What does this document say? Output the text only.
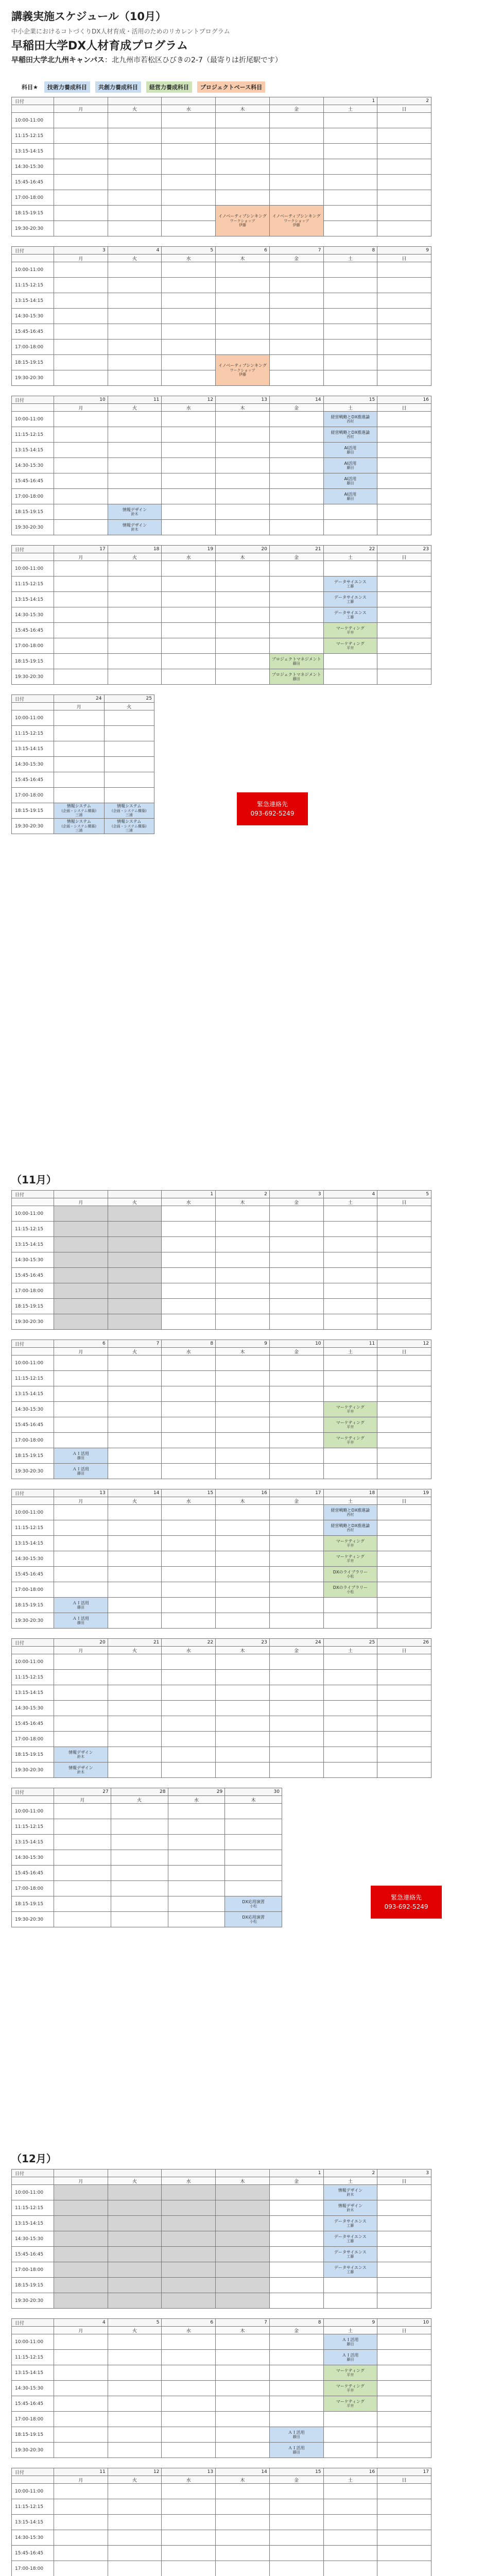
講義実施スケジュール（10月）
中小企業におけるコトづくりDX人材育成・活用のためのリカレントプログラム
早稲田大学DX人材育成プログラム
早稲田大学北九州キャンパス：北九州市若松区ひびきの2-7（最寄りは折尾駅です）
科目★	技術力養成科目	共創力養成科目	経営力養成科目	プロジェクトベース科目
日付						1	2
	月	火	水	木	金	土	日
10:00-11:00							
11:15-12:15							
13:15-14:15							
14:30-15:30							
15:45-16:45							
17:00-18:00							
18:15-19:15				イノベーティブシンキング
ワークショップ
伊藤	イノベーティブシンキング
ワークショップ
伊藤		

19:30-20:30							
日付	3	4	5	6	7	8	9
	月	火	水	木	金	土	日
10:00-11:00							
11:15-12:15							
13:15-14:15							
14:30-15:30							
15:45-16:45							
17:00-18:00							
18:15-19:15				イノベーティブシンキング
ワークショップ
伊藤			

19:30-20:30							
日付	10	11	12	13	14	15	16
	月	火	水	木	金	土	日
10:00-11:00						経営戦略とDX推進論
西村	

11:15-12:15						経営戦略とDX推進論
西村	

13:15-14:15						AI活用
藤田	

14:30-15:30						AI活用
藤田	

15:45-16:45						AI活用
藤田	

17:00-18:00						AI活用
藤田	

18:15-19:15		情報デザイン
鈴木					

19:30-20:30		情報デザイン
鈴木					

日付	17	18	19	20	21	22	23
	月	火	水	木	金	土	日
10:00-11:00							
11:15-12:15						データサイエンス
工藤	

13:15-14:15						データサイエンス
工藤	

14:30-15:30						データサイエンス
工藤	

15:45-16:45						マーケティング
平井	

17:00-18:00						マーケティング
平井	

18:15-19:15					プロジェクトマネジメント
藤田		

19:30-20:30					プロジェクトマネジメント
藤田		

日付	24	25
	月	火
10:00-11:00		
11:15-12:15		
13:15-14:15		
14:30-15:30		
15:45-16:45		
17:00-18:00		
18:15-19:15	情報システム
(企画・システム構築)
三浦	情報システム
(企画・システム構築)
三浦

19:30-20:30	情報システム
(企画・システム構築)
三浦	情報システム
(企画・システム構築)
三浦
緊急連絡先
093-692-5249
（11月）
日付			1	2	3	4	5
	月	火	水	木	金	土	日
10:00-11:00							
11:15-12:15							
13:15-14:15							
14:30-15:30							
15:45-16:45							
17:00-18:00							
18:15-19:15							
19:30-20:30							
日付	6	7	8	9	10	11	12
	月	火	水	木	金	土	日
10:00-11:00							
11:15-12:15							
13:15-14:15							
14:30-15:30						マーケティング
平井	

15:45-16:45						マーケティング
平井	

17:00-18:00						マーケティング
平井	

18:15-19:15	ＡＩ活用
藤田						

19:30-20:30	ＡＩ活用
藤田						

日付	13	14	15	16	17	18	19
	月	火	水	木	金	土	日
10:00-11:00						経営戦略とDX推進論
西村	

11:15-12:15						経営戦略とDX推進論
西村	

13:15-14:15						マーケティング
平井	

14:30-15:30						マーケティング
平井	

15:45-16:45						DXのライブラリー
小松	

17:00-18:00						DXのライブラリー
小松	

18:15-19:15	ＡＩ活用
藤田						

19:30-20:30	ＡＩ活用
藤田						

日付	20	21	22	23	24	25	26
	月	火	水	木	金	土	日
10:00-11:00							
11:15-12:15							
13:15-14:15							
14:30-15:30							
15:45-16:45							
17:00-18:00							
18:15-19:15	情報デザイン
鈴木						

19:30-20:30	情報デザイン
鈴木						

日付	27	28	29	30
	月	火	水	木
10:00-11:00				
11:15-12:15				
13:15-14:15				
14:30-15:30				
15:45-16:45				
17:00-18:00				
18:15-19:15				DX応用演習
小松

19:30-20:30				DX応用演習
小松
緊急連絡先
093-692-5249
（12月）
日付					1	2	3
	月	火	水	木	金	土	日
10:00-11:00						情報デザイン
鈴木	

11:15-12:15						情報デザイン
鈴木	

13:15-14:15						データサイエンス
工藤	

14:30-15:30						データサイエンス
工藤	

15:45-16:45						データサイエンス
工藤	

17:00-18:00						データサイエンス
工藤	

18:15-19:15							
19:30-20:30							
日付	4	5	6	7	8	9	10
	月	火	水	木	金	土	日
10:00-11:00						ＡＩ活用
藤田	

11:15-12:15						ＡＩ活用
藤田	

13:15-14:15						マーケティング
平井	

14:30-15:30						マーケティング
平井	

15:45-16:45						マーケティング
平井	

17:00-18:00							
18:15-19:15					ＡＩ活用
藤田		

19:30-20:30					ＡＩ活用
藤田		

日付	11	12	13	14	15	16	17
	月	火	水	木	金	土	日
10:00-11:00							
11:15-12:15							
13:15-14:15							
14:30-15:30							
15:45-16:45							
17:00-18:00							
